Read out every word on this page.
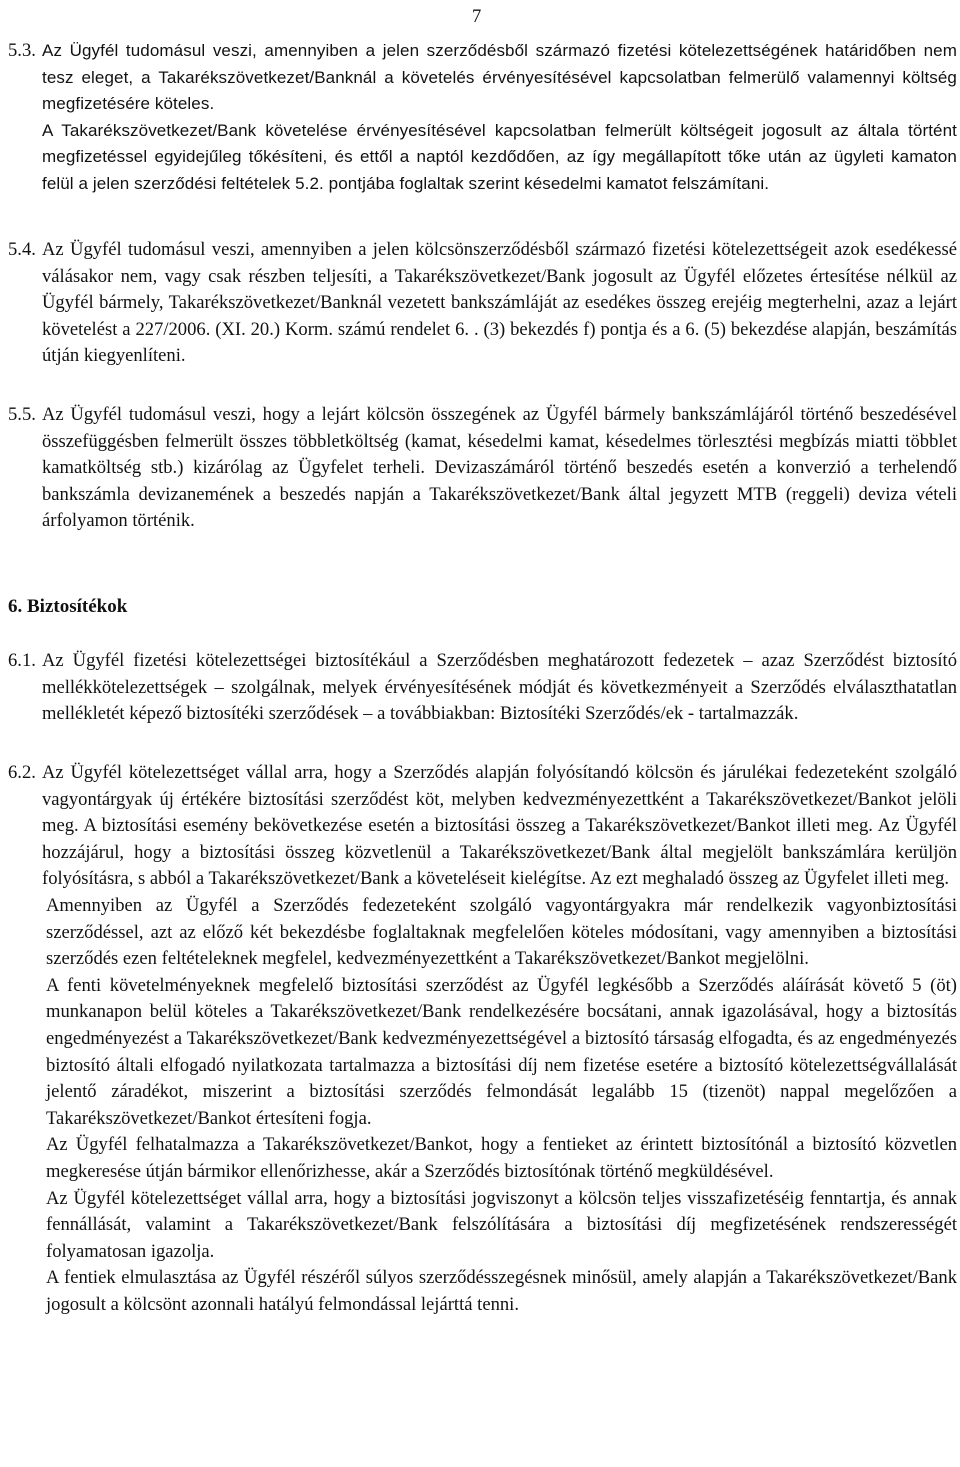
7
5.3. Az Ügyfél tudomásul veszi, amennyiben a jelen szerződésből származó fizetési kötelezettségének határidőben nem tesz eleget, a Takarékszövetkezet/Banknál a követelés érvényesítésével kapcsolatban felmerülő valamennyi költség megfizetésére köteles.

A Takarékszövetkezet/Bank követelése érvényesítésével kapcsolatban felmerült költségeit jogosult az általa történt megfizetéssel egyidejűleg tőkésíteni, és ettől a naptól kezdődően, az így megállapított tőke után az ügyleti kamaton felül a jelen szerződési feltételek 5.2. pontjába foglaltak szerint késedelmi kamatot felszámítani.

5.4. Az Ügyfél tudomásul veszi, amennyiben a jelen kölcsönszerződésből származó fizetési kötelezettségeit azok esedékessé válásakor nem, vagy csak részben teljesíti, a Takarékszövetkezet/Bank jogosult az Ügyfél előzetes értesítése nélkül az Ügyfél bármely, Takarékszövetkezet/Banknál vezetett bankszámláját az esedékes összeg erejéig megterhelni, azaz a lejárt követelést a 227/2006. (XI. 20.) Korm. számú rendelet 6. . (3) bekezdés f) pontja és a 6. (5) bekezdése alapján, beszámítás útján kiegyenlíteni.

5.5. Az Ügyfél tudomásul veszi, hogy a lejárt kölcsön összegének az Ügyfél bármely bankszámlájáról történő beszedésével összefüggésben felmerült összes többletköltség (kamat, késedelmi kamat, késedelmes törlesztési megbízás miatti többlet kamatköltség stb.) kizárólag az Ügyfelet terheli. Devizaszámáról történő beszedés esetén a konverzió a terhelendő bankszámla devizanemének a beszedés napján a Takarékszövetkezet/Bank által jegyzett MTB (reggeli) deviza vételi árfolyamon történik.

6. Biztosítékok
6.1. Az Ügyfél fizetési kötelezettségei biztosítékául a Szerződésben meghatározott fedezetek – azaz Szerződést biztosító mellékkötelezettségek – szolgálnak, melyek érvényesítésének módját és következményeit a Szerződés elválaszthatatlan mellékletét képező biztosítéki szerződések – a továbbiakban: Biztosítéki Szerződés/ek - tartalmazzák.

6.2. Az Ügyfél kötelezettséget vállal arra, hogy a Szerződés alapján folyósítandó kölcsön és járulékai fedezeteként szolgáló vagyontárgyak új értékére biztosítási szerződést köt, melyben kedvezményezettként a Takarékszövetkezet/Bankot jelöli meg. A biztosítási esemény bekövetkezése esetén a biztosítási összeg a Takarékszövetkezet/Bankot illeti meg. Az Ügyfél hozzájárul, hogy a biztosítási összeg közvetlenül a Takarékszövetkezet/Bank által megjelölt bankszámlára kerüljön folyósításra, s abból a Takarékszövetkezet/Bank a követeléseit kielégítse. Az ezt meghaladó összeg az Ügyfelet illeti meg.

Amennyiben az Ügyfél a Szerződés fedezeteként szolgáló vagyontárgyakra már rendelkezik vagyonbiztosítási szerződéssel, azt az előző két bekezdésbe foglaltaknak megfelelően köteles módosítani, vagy amennyiben a biztosítási szerződés ezen feltételeknek megfelel, kedvezményezettként a Takarékszövetkezet/Bankot megjelölni.

A fenti követelményeknek megfelelő biztosítási szerződést az Ügyfél legkésőbb a Szerződés aláírását követő 5 (öt) munkanapon belül köteles a Takarékszövetkezet/Bank rendelkezésére bocsátani, annak igazolásával, hogy a biztosítás engedményezést a Takarékszövetkezet/Bank kedvezményezettségével a biztosító társaság elfogadta, és az engedményezés biztosító általi elfogadó nyilatkozata tartalmazza a biztosítási díj nem fizetése esetére a biztosító kötelezettségvállalását jelentő záradékot, miszerint a biztosítási szerződés felmondását legalább 15 (tizenöt) nappal megelőzően a Takarékszövetkezet/Bankot értesíteni fogja.

Az Ügyfél felhatalmazza a Takarékszövetkezet/Bankot, hogy a fentieket az érintett biztosítónál a biztosító közvetlen megkeresése útján bármikor ellenőrizhesse, akár a Szerződés biztosítónak történő megküldésével.

Az Ügyfél kötelezettséget vállal arra, hogy a biztosítási jogviszonyt a kölcsön teljes visszafizetéséig fenntartja, és annak fennállását, valamint a Takarékszövetkezet/Bank felszólítására a biztosítási díj megfizetésének rendszerességét folyamatosan igazolja.

A fentiek elmulasztása az Ügyfél részéről súlyos szerződésszegésnek minősül, amely alapján a Takarékszövetkezet/Bank jogosult a kölcsönt azonnali hatályú felmondással lejárttá tenni.
